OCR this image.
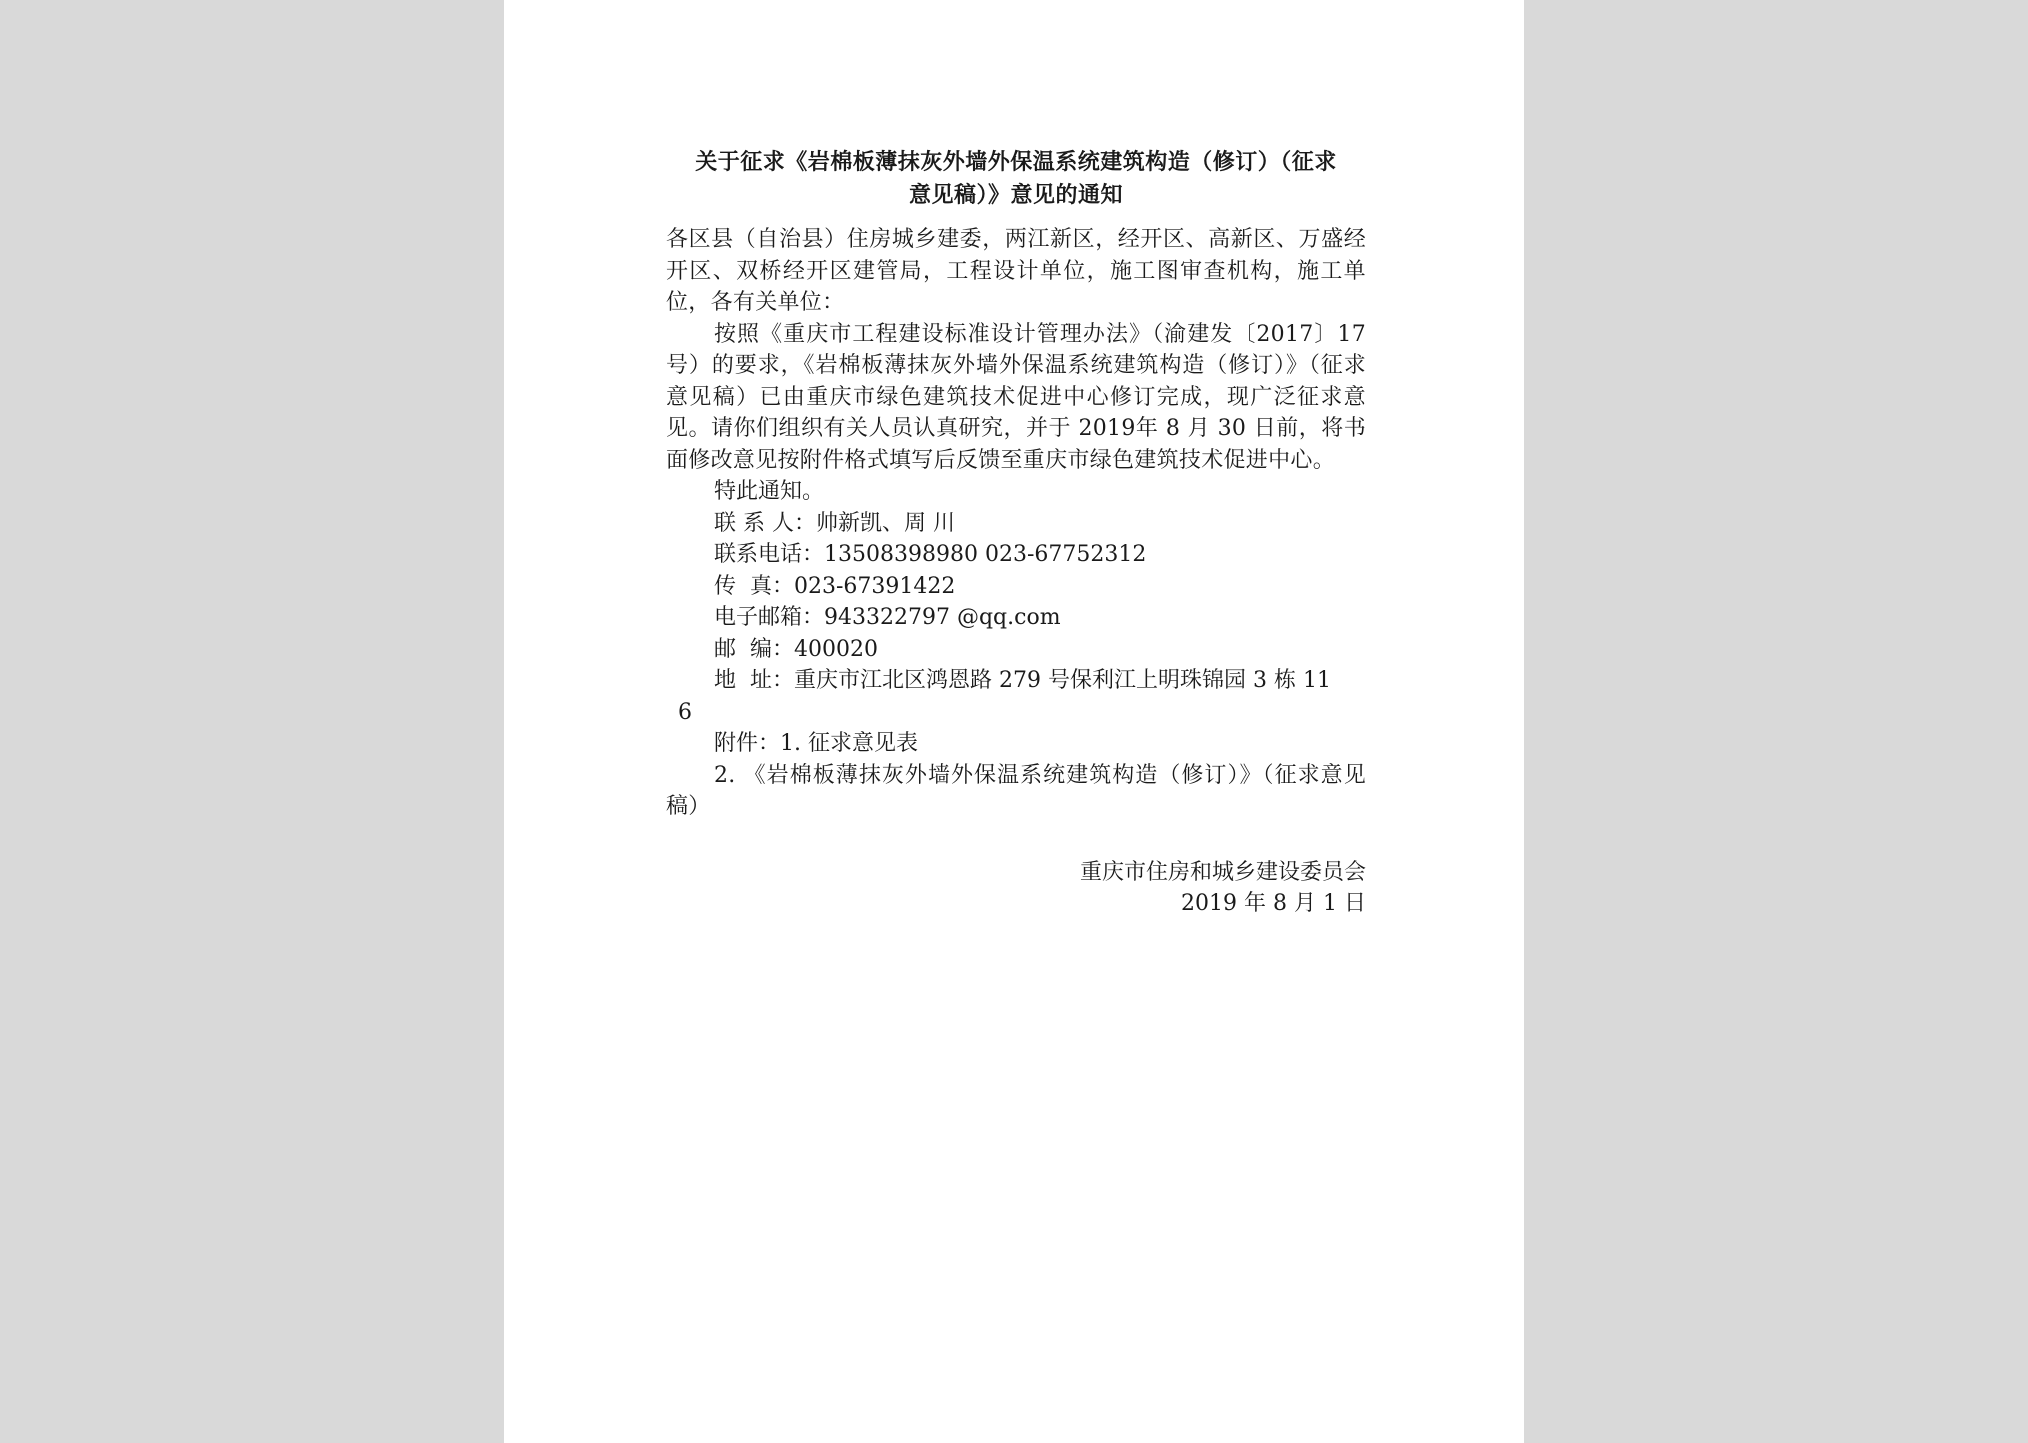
关于征求《岩棉板薄抹灰外墙外保温系统建筑构造（修订）（征求
意见稿）》意见的通知

各区县（自治县）住房城乡建委，两江新区，经开区、高新区、万盛经开区、双桥经开区建管局，工程设计单位，施工图审查机构，施工单位，各有关单位：

按照《重庆市工程建设标准设计管理办法》（渝建发〔2017〕17 号）的要求，《岩棉板薄抹灰外墙外保温系统建筑构造（修订）》（征求意见稿）已由重庆市绿色建筑技术促进中心修订完成，现广泛征求意见。请你们组织有关人员认真研究，并于 2019年 8 月 30 日前，将书面修改意见按附件格式填写后反馈至重庆市绿色建筑技术促进中心。

特此通知。

联 系 人：帅新凯、周 川

联系电话：13508398980 023-67752312

传  真：023-67391422

电子邮箱：943322797 @qq.com

邮  编：400020

地  址：重庆市江北区鸿恩路 279 号保利江上明珠锦园 3 栋 11

6

附件：1. 征求意见表

2. 《岩棉板薄抹灰外墙外保温系统建筑构造（修订）》（征求意见稿）

重庆市住房和城乡建设委员会

2019 年 8 月 1 日
